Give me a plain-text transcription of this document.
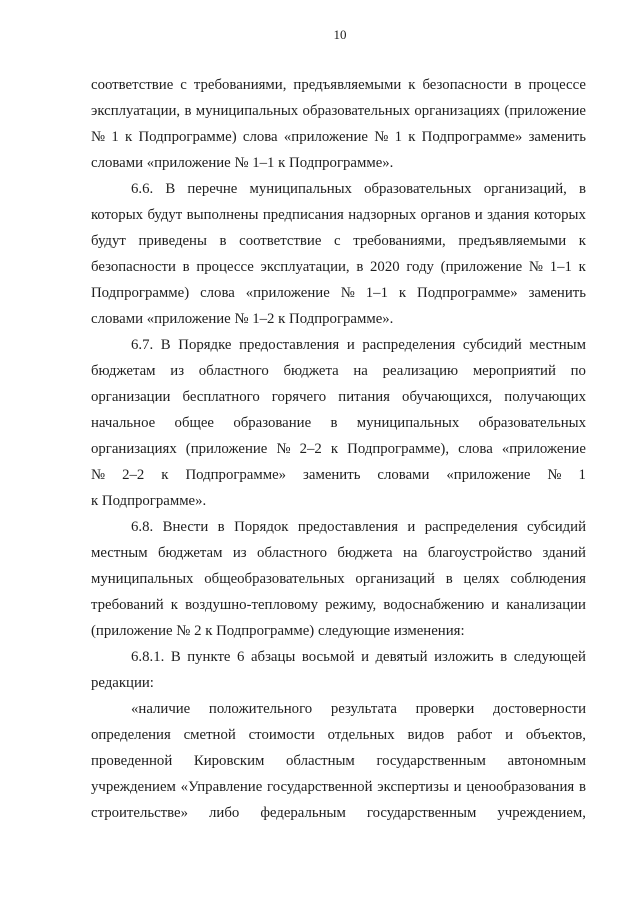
10
соответствие с требованиями, предъявляемыми к безопасности в процессе
эксплуатации, в муниципальных образовательных организациях (приложение
№ 1 к Подпрограмме) слова «приложение № 1 к Подпрограмме» заменить
словами «приложение № 1–1 к Подпрограмме».
6.6. В перечне муниципальных образовательных организаций, в
которых будут выполнены предписания надзорных органов и здания которых
будут приведены в соответствие с требованиями, предъявляемыми к
безопасности в процессе эксплуатации, в 2020 году (приложение № 1–1 к
Подпрограмме) слова «приложение № 1–1 к Подпрограмме» заменить
словами «приложение № 1–2 к Подпрограмме».
6.7. В Порядке предоставления и распределения субсидий местным
бюджетам из областного бюджета на реализацию мероприятий по
организации бесплатного горячего питания обучающихся, получающих
начальное общее образование в муниципальных образовательных
организациях (приложение № 2–2 к Подпрограмме), слова «приложение
№ 2–2 к Подпрограмме» заменить словами «приложение № 1
к Подпрограмме».
6.8. Внести в Порядок предоставления и распределения субсидий
местным бюджетам из областного бюджета на благоустройство зданий
муниципальных общеобразовательных организаций в целях соблюдения
требований к воздушно-тепловому режиму, водоснабжению и канализации
(приложение № 2 к Подпрограмме) следующие изменения:
6.8.1. В пункте 6 абзацы восьмой и девятый изложить в следующей
редакции:
«наличие положительного результата проверки достоверности
определения сметной стоимости отдельных видов работ и объектов,
проведенной Кировским областным государственным автономным
учреждением «Управление государственной экспертизы и ценообразования в
строительстве» либо федеральным государственным учреждением,
